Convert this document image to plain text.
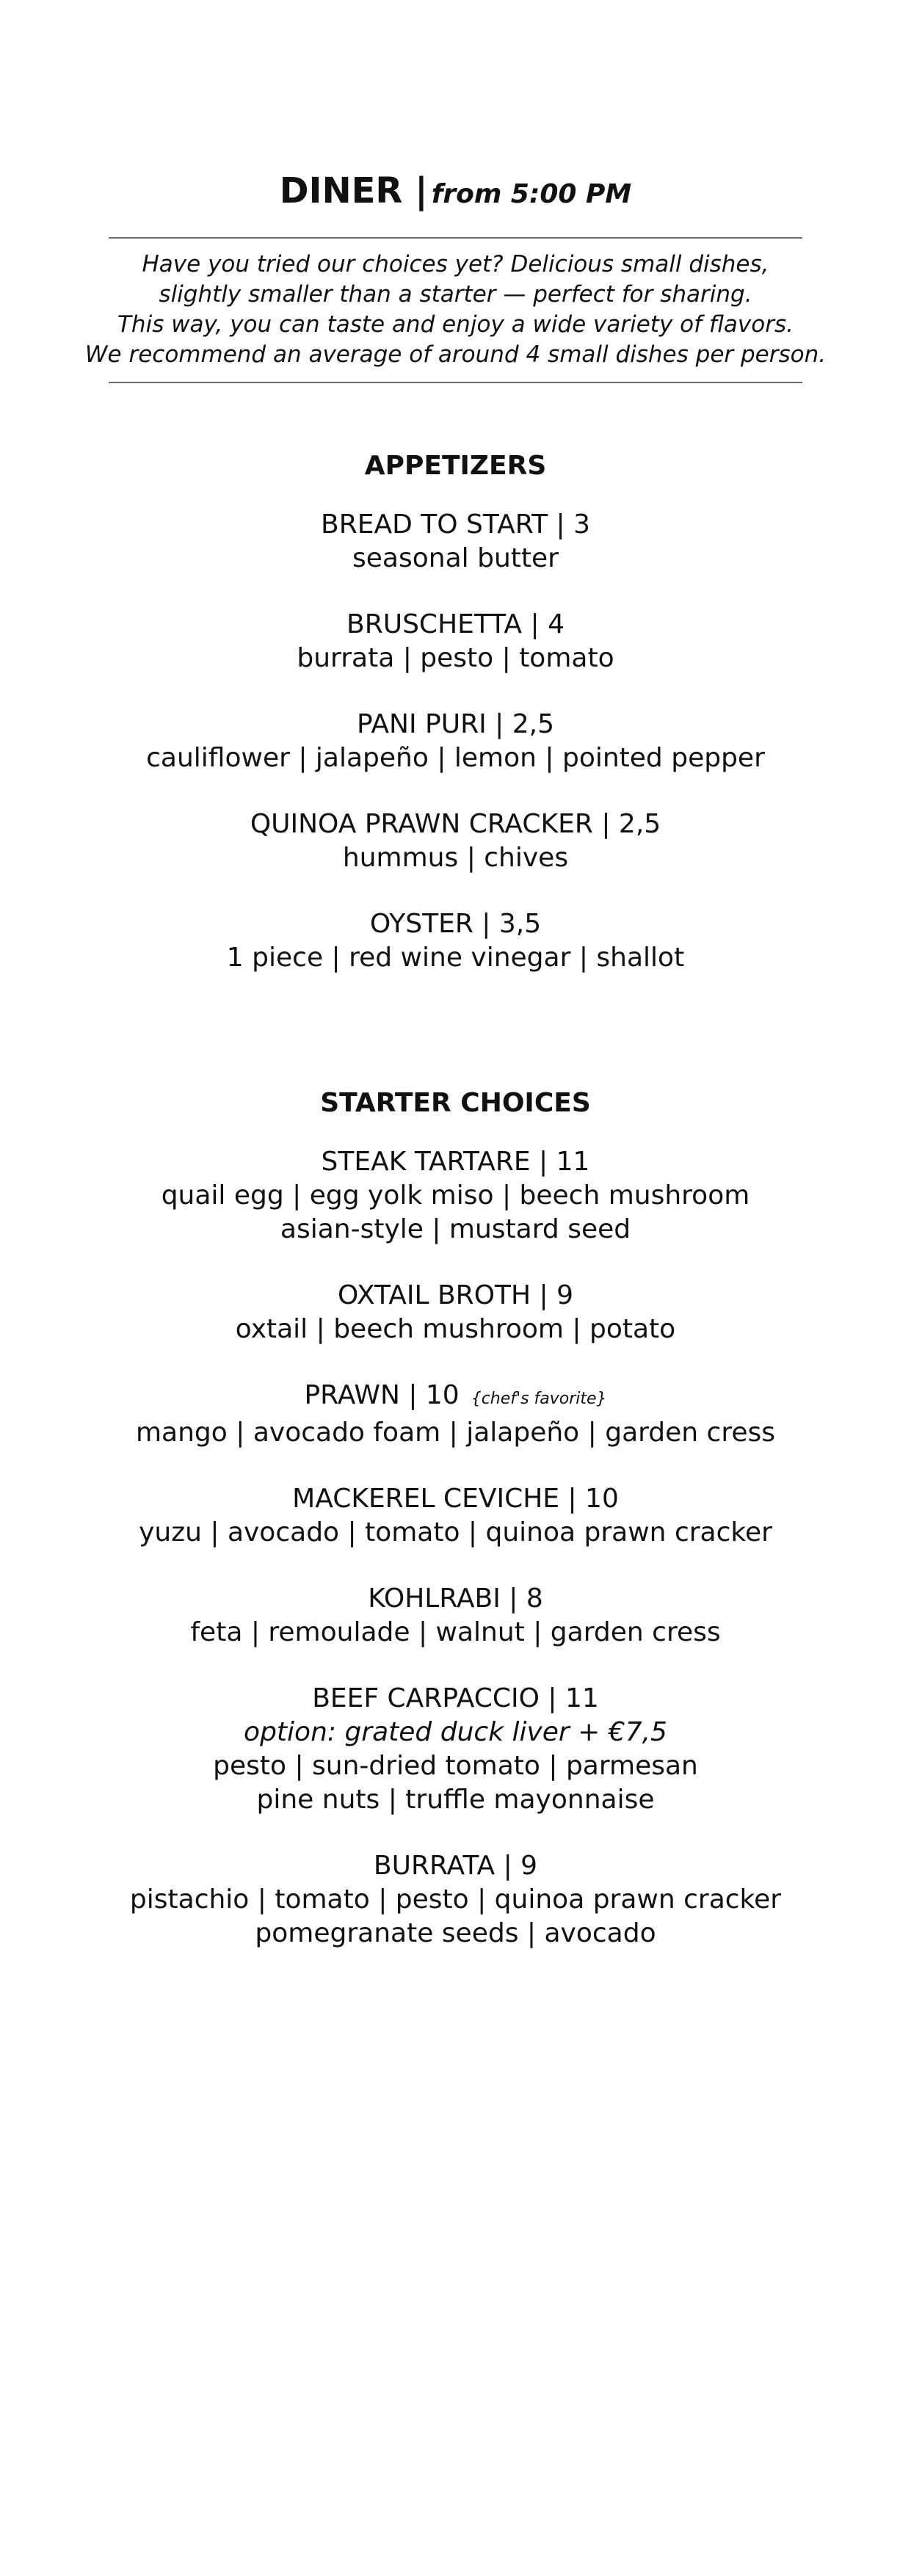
DINER | from 5:00 PM
Have you tried our choices yet? Delicious small dishes,
slightly smaller than a starter — perfect for sharing.
This way, you can taste and enjoy a wide variety of flavors.
We recommend an average of around 4 small dishes per person.
APPETIZERS
BREAD TO START | 3
seasonal butter
BRUSCHETTA | 4
burrata | pesto | tomato
PANI PURI | 2,5
cauliflower | jalapeño | lemon | pointed pepper
QUINOA PRAWN CRACKER | 2,5
hummus | chives
OYSTER | 3,5
1 piece | red wine vinegar | shallot
STARTER CHOICES
STEAK TARTARE | 11
quail egg | egg yolk miso | beech mushroom
asian-style | mustard seed
OXTAIL BROTH | 9
oxtail | beech mushroom | potato
PRAWN | 10 {chef's favorite}
mango | avocado foam | jalapeño | garden cress
MACKEREL CEVICHE | 10
yuzu | avocado | tomato | quinoa prawn cracker
KOHLRABI | 8
feta | remoulade | walnut | garden cress
BEEF CARPACCIO | 11
option: grated duck liver + €7,5
pesto | sun-dried tomato | parmesan
pine nuts | truffle mayonnaise
BURRATA | 9
pistachio | tomato | pesto | quinoa prawn cracker
pomegranate seeds | avocado
